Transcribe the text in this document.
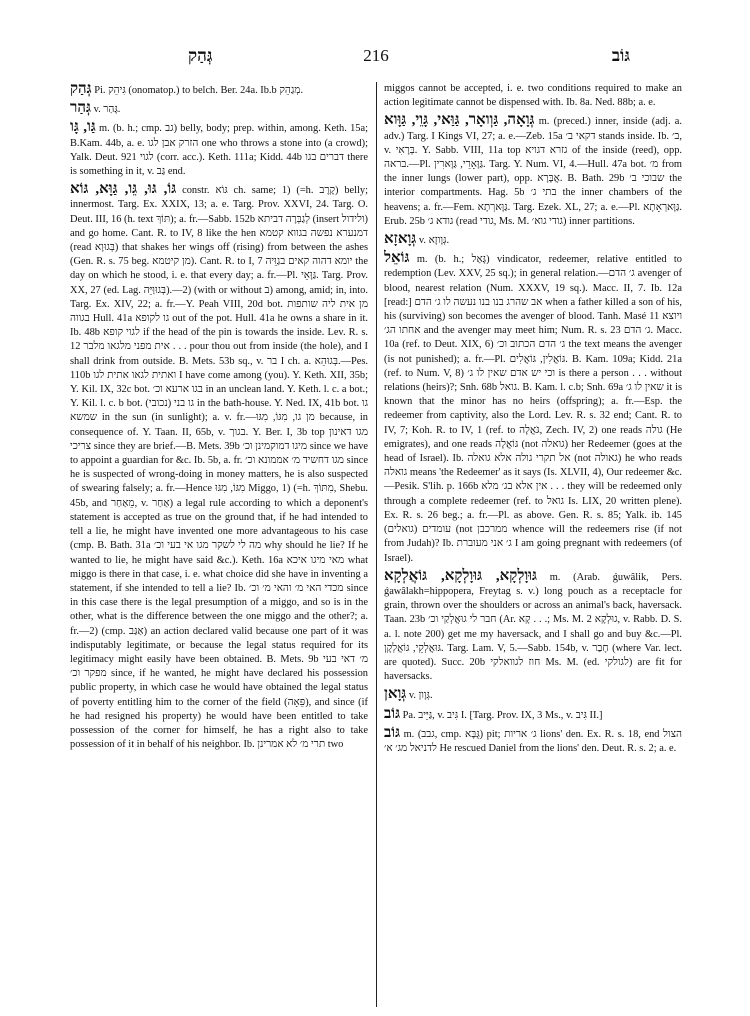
גְּהַק	216	גּוֹב

גְּהַק Pi. גִּיהֵק (onomatop.) to belch. Ber. 24a. Ib.b מְגַהֵק.

גְּהַר v. גָּהַר.

גַּו, גָּו m. (b. h.; cmp. גב) belly, body; prep. within, among. Keth. 15a; B.Kam. 44b, a. e. הזרק אבן לגו one who throws a stone into (a crowd); Yalk. Deut. 921 לגוי (corr. acc.). Keth. 111a; Kidd. 44b דברים בגו there is something in it, v. גַּב end.

גּוֹ, גּוּ, גֵּו, גַּוָּא, גּוֹא constr. גּוֹא ch. same; 1) (=h. קֶרֶב) belly; innermost. Targ. Ex. XXIX, 13; a. e. Targ. Prov. XXVI, 24. Targ. O. Deut. III, 16 (h. text תּוֹךְ); a. fr.—Sabb. 152b לְגַבְּרָה דביתא (insert ולידול) and go home. Cant. R. to IV, 8 like the hen דמנערא נפשה בגווא קטמא (read בְּגוּוָא) that shakes her wings off (rising) from between the ashes (Gen. R. s. 75 beg. מן קיטמא). Cant. R. to I, 7 יומא דהוה קאים בגַוֵּיה the day on which he stood, i. e. that every day; a. fr.—Pl. גַּוָּאֵי. Targ. Prov. XX, 27 (ed. Lag. בְּגוּוַּיֵּה).—2) (with or without ב) among, amid; in, into. Targ. Ex. XIV, 22; a. fr.—Y. Peah VIII, 20d bot. מן אית ליה שותפות בגווה Hull. 41a גו לקופא out of the pot. Hull. 41a he owns a share in it. Ib. 48b לגוי קופא if the head of the pin is towards the inside. Lev. R. s. 12 אית מפני מלגאו מלבר . . . pour thou out from inside (the hole), and I shall drink from outside. B. Mets. 53b sq., v. בר I ch. a. בְּגוּהֵא.—Pes. 110b ואתית לגאו אתית לגו I have come among (you). Y. Keth. XII, 35b; Y. Kil. IX, 32c bot. בגו ארעא וכ׳ in an unclean land. Y. Keth. l. c. a bot.; Y. Kil. l. c. b bot. (נכובי) גו בני in the bath-house. Y. Ned. IX, 41b bot. גו שמשא in the sun (in sunlight); a. v. fr.—מן גו, מִגּוֹ, מִגּוּ because, in consequence of. Y. Taan. II, 65b, v. בגוך. Y. Ber. I, 3b top מגו דאינון צריכי since they are brief.—B. Mets. 39b מיגו דמוקמינן וכ׳ since we have to appoint a guardian for &c. Ib. 5b, a. fr. מגו דחשיד מ׳ אממונא וכ׳ since he is suspected of wrong-doing in money matters, he is also suspected of swearing falsely; a. fr.—Hence מִגּוֹ, מִגּוּ Miggo, 1) (=h. מִתּוֹךְ, Shebu. 45b, and מֵאַחַר, v. אַחַר) a legal rule according to which a deponent's statement is accepted as true on the ground that, if he had intended to tell a lie, he might have invented one more advantageous to his case (cmp. B. Bath. 31a מה לי לשקר מגו אי בעי וכ׳ why should he lie? If he wanted to lie, he might have said &c.). Keth. 16a מאי מיגו איכא what miggo is there in that case, i. e. what choice did she have in inventing a statement, if she intended to tell a lie? Ib. מכדי האי מ׳ והאי מ׳ וכ׳ since in this case there is the legal presumption of a miggo, and so is in the other, what is the difference between the one miggo and the other?; a. fr.—2) (cmp. אַגַּב) an action declared valid because one part of it was indisputably legitimate, or because the legal status required for its legitimacy might easily have been obtained. B. Mets. 9b מ׳ דאי בעי מפקר וכ׳ since, if he wanted, he might have declared his possession public property, in which case he would have obtained the legal status of poverty entitling him to the corner of the field (פֵּאָה), and since (if he had resigned his property) he would have been entitled to take possession of the corner for himself, he has a right also to take possession of it in behalf of his neighbor. Ib. תרי מ׳ לא אמרינן two

miggos cannot be accepted, i. e. two conditions required to make an action legitimate cannot be dispensed with. Ib. 8a. Ned. 88b; a. e.

גְּוָאָה, גַּוְואָר, גַּוַּאי, גָּוֵי, גַּוָּוא m. (preced.) inner, inside (adj. a. adv.) Targ. I Kings VI, 27; a. e.—Zeb. 15a דקאי ב׳ stands inside. Ib. ב׳, v. בְּרָאִי. Y. Sabb. VIII, 11a top גזרא דגויא of the inside (reed), opp. בראה.—Pl. גַּוָּאָרֵי, גַּוָּארִין. Targ. Y. Num. VI, 4.—Hull. 47a bot. מ׳ from the inner lungs (lower part), opp. אֲבָּרָא. B. Bath. 29b שבוכי ב׳ the interior compartments. Hag. 5b בתי ג׳ the inner chambers of the heavens; a. fr.—Fem. גַּוָּארְתָא. Targ. Ezek. XL, 27; a. e.—Pl. גַּוָּארְאָתָא. Erub. 25b גודא ג׳ (read גודי, Ms. M. גודי גוא׳) inner partitions.

גְּוָאזָא v. גְּוָוזָא.

גּוֹאֵל m. (b. h.; גָּאַל) vindicator, redeemer, relative entitled to redemption (Lev. XXV, 25 sq.); in general relation.—ג׳ הדם avenger of blood, nearest relation (Num. XXXV, 19 sq.). Macc. II, 7. Ib. 12a [read:] אב שהרג בנו בנו נעשה לו ג׳ הדם when a father killed a son of his, his (surviving) son becomes the avenger of blood. Tanh. Masé 11 ויוצא אחתו הג׳ and the avenger may meet him; Num. R. s. 23 ג׳ הדם. Macc. 10a (ref. to Deut. XIX, 6) ג׳ הדם הכתוב וכ׳ the text means the avenger (is not punished); a. fr.—Pl. גּוֹאֲלִין, גּוֹאֲלִים. B. Kam. 109a; Kidd. 21a (ref. to Num. V, 8) וכי יש אדם שאין לו ג׳ is there a person . . . without relations (heirs)?; Snh. 68b גואל. B. Kam. l. c.b; Snh. 69a שאין לו ג׳ it is known that the minor has no heirs (offspring); a. fr.—Esp. the redeemer from captivity, also the Lord. Lev. R. s. 32 end; Cant. R. to IV, 7; Koh. R. to IV, 1 (ref. to גֹּאֲלָה, Zech. IV, 2) one reads גולה (He emigrates), and one reads גּוֹאֲלָה (not גואלה) her Redeemer (goes at the head of Israel). Ib. אל תקרי גולה אלא גואלה (not גאולה) he who reads גואלה means 'the Redeemer' as it says (Is. XLVII, 4), Our redeemer &c.—Pesik. S'lih. p. 166b אין אלא בג׳ מלא . . . they will be redeemed only through a complete redeemer (ref. to גואל Is. LIX, 20 written plene). Ex. R. s. 26 beg.; a. fr.—Pl. as above. Gen. R. s. 85; Yalk. ib. 145 (גואלים) עומדים (not ממרכבן whence will the redeemers rise (if not from Judah)? Ib. ג׳ אני מעוברת I am going pregnant with redeemers (of Israel).

גּוּוָלְקָא, גּוּוָלְקָא, גּוֹאֲלְקָא m. (Arab. ǵuwâlik, Pers. ǵawâlakh=hippopera, Freytag s. v.) long pouch as a receptacle for grain, thrown over the shoulders or across an animal's back, haversack. Taan. 23b חבר לי גוּאֲלְקַי וכ׳ (Ar. קָא . . .; Ms. M. 2 גוּלְקָא, v. Rabb. D. S. a. l. note 200) get me my haversack, and I shall go and buy &c.—Pl. גּוּאֲלְקֵי, גּוֹאֲלְקָן. Targ. Lam. V, 5.—Sabb. 154b, v. חָבַר (where Var. lect. are quoted). Succ. 20b חוז לגוואלקי Ms. M. (ed. לגולקי) are fit for haversacks.

גְּוָאן v. גְּוָון.

גּוֹב Pa. גַּיֵּיב, v. גִּיב I. [Targ. Prov. IX, 3 Ms., v. גִּיב II.]

גּוֹב m. (גבב, cmp. גֻּבָּא) pit; ג׳ אריות lions' den. Ex. R. s. 18, end הצול לדניאל מג׳ א׳ He rescued Daniel from the lions' den. Deut. R. s. 2; a. e.
